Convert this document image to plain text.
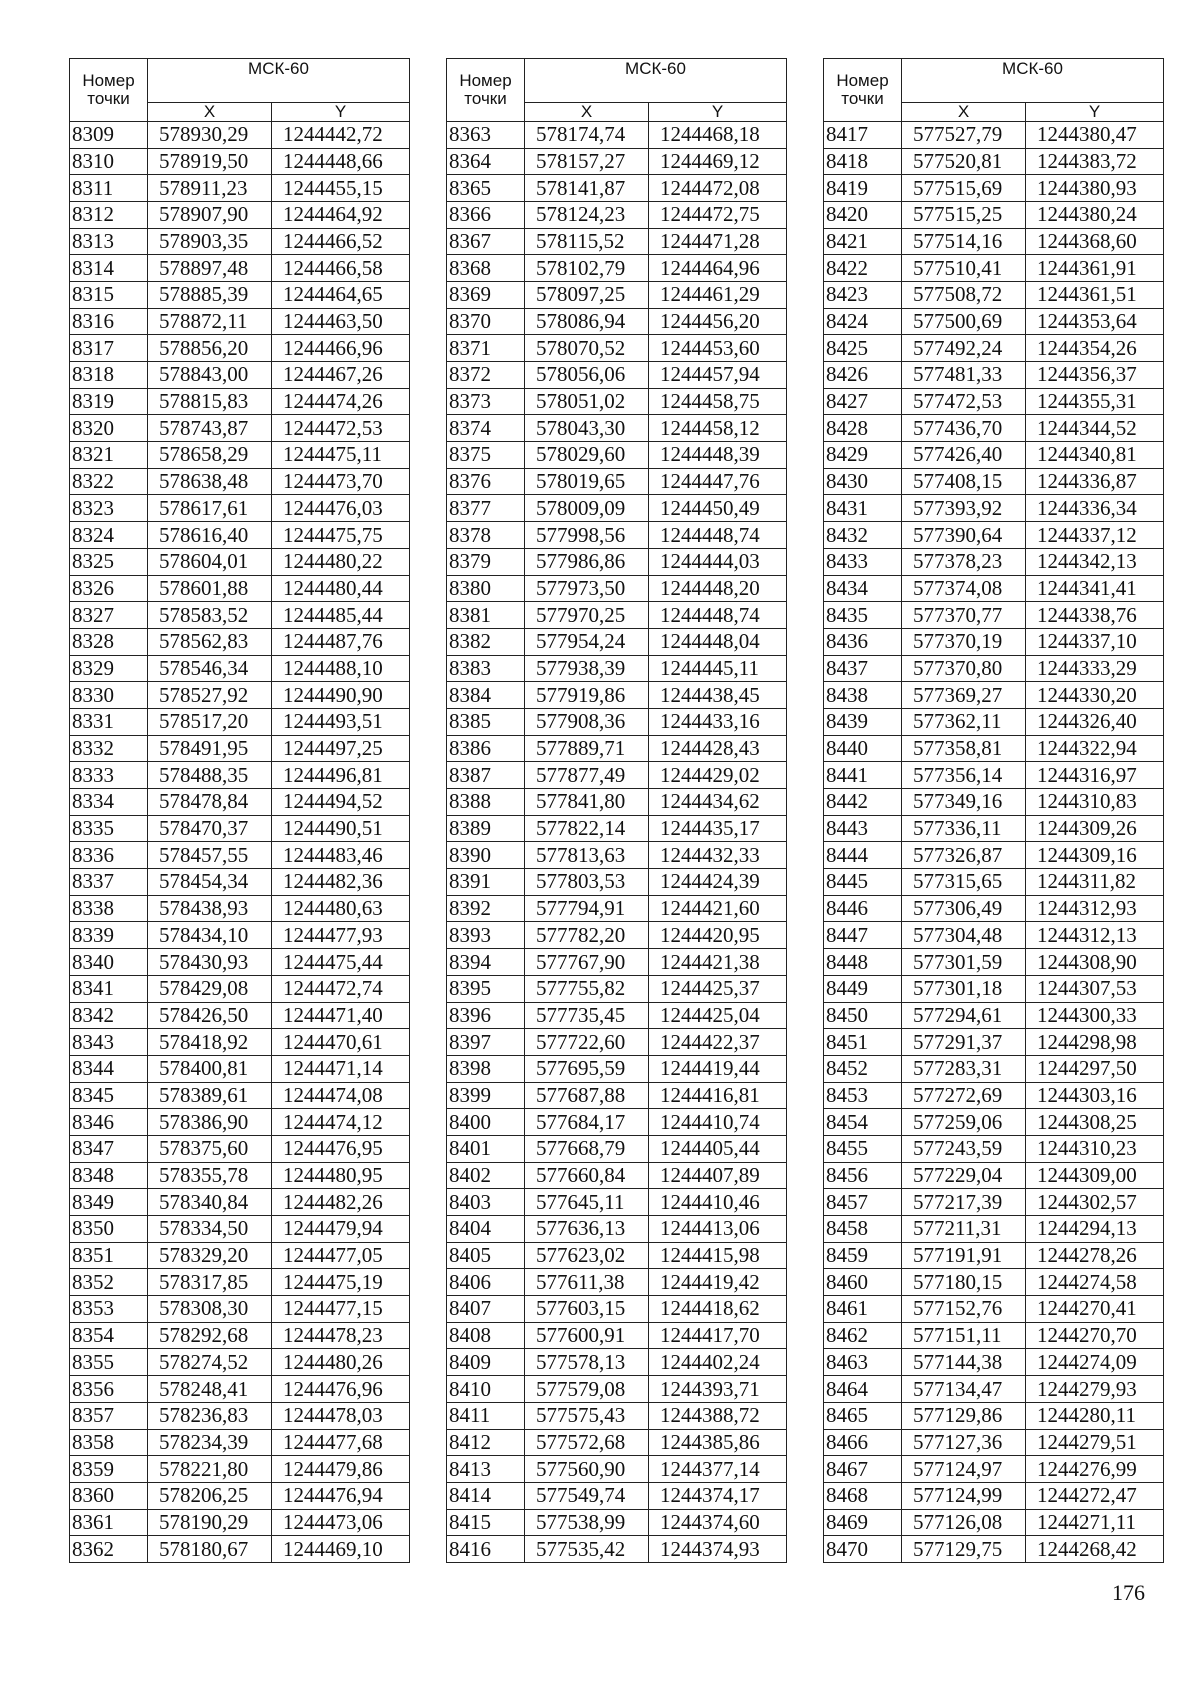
Номер точки	МСК-60	
	X	Y
8309	578930,29	1244442,72
8310	578919,50	1244448,66
8311	578911,23	1244455,15
8312	578907,90	1244464,92
8313	578903,35	1244466,52
8314	578897,48	1244466,58
8315	578885,39	1244464,65
8316	578872,11	1244463,50
8317	578856,20	1244466,96
8318	578843,00	1244467,26
8319	578815,83	1244474,26
8320	578743,87	1244472,53
8321	578658,29	1244475,11
8322	578638,48	1244473,70
8323	578617,61	1244476,03
8324	578616,40	1244475,75
8325	578604,01	1244480,22
8326	578601,88	1244480,44
8327	578583,52	1244485,44
8328	578562,83	1244487,76
8329	578546,34	1244488,10
8330	578527,92	1244490,90
8331	578517,20	1244493,51
8332	578491,95	1244497,25
8333	578488,35	1244496,81
8334	578478,84	1244494,52
8335	578470,37	1244490,51
8336	578457,55	1244483,46
8337	578454,34	1244482,36
8338	578438,93	1244480,63
8339	578434,10	1244477,93
8340	578430,93	1244475,44
8341	578429,08	1244472,74
8342	578426,50	1244471,40
8343	578418,92	1244470,61
8344	578400,81	1244471,14
8345	578389,61	1244474,08
8346	578386,90	1244474,12
8347	578375,60	1244476,95
8348	578355,78	1244480,95
8349	578340,84	1244482,26
8350	578334,50	1244479,94
8351	578329,20	1244477,05
8352	578317,85	1244475,19
8353	578308,30	1244477,15
8354	578292,68	1244478,23
8355	578274,52	1244480,26
8356	578248,41	1244476,96
8357	578236,83	1244478,03
8358	578234,39	1244477,68
8359	578221,80	1244479,86
8360	578206,25	1244476,94
8361	578190,29	1244473,06
8362	578180,67	1244469,10
Номер точки	МСК-60	
	X	Y
8363	578174,74	1244468,18
8364	578157,27	1244469,12
8365	578141,87	1244472,08
8366	578124,23	1244472,75
8367	578115,52	1244471,28
8368	578102,79	1244464,96
8369	578097,25	1244461,29
8370	578086,94	1244456,20
8371	578070,52	1244453,60
8372	578056,06	1244457,94
8373	578051,02	1244458,75
8374	578043,30	1244458,12
8375	578029,60	1244448,39
8376	578019,65	1244447,76
8377	578009,09	1244450,49
8378	577998,56	1244448,74
8379	577986,86	1244444,03
8380	577973,50	1244448,20
8381	577970,25	1244448,74
8382	577954,24	1244448,04
8383	577938,39	1244445,11
8384	577919,86	1244438,45
8385	577908,36	1244433,16
8386	577889,71	1244428,43
8387	577877,49	1244429,02
8388	577841,80	1244434,62
8389	577822,14	1244435,17
8390	577813,63	1244432,33
8391	577803,53	1244424,39
8392	577794,91	1244421,60
8393	577782,20	1244420,95
8394	577767,90	1244421,38
8395	577755,82	1244425,37
8396	577735,45	1244425,04
8397	577722,60	1244422,37
8398	577695,59	1244419,44
8399	577687,88	1244416,81
8400	577684,17	1244410,74
8401	577668,79	1244405,44
8402	577660,84	1244407,89
8403	577645,11	1244410,46
8404	577636,13	1244413,06
8405	577623,02	1244415,98
8406	577611,38	1244419,42
8407	577603,15	1244418,62
8408	577600,91	1244417,70
8409	577578,13	1244402,24
8410	577579,08	1244393,71
8411	577575,43	1244388,72
8412	577572,68	1244385,86
8413	577560,90	1244377,14
8414	577549,74	1244374,17
8415	577538,99	1244374,60
8416	577535,42	1244374,93
Номер точки	МСК-60	
	X	Y
8417	577527,79	1244380,47
8418	577520,81	1244383,72
8419	577515,69	1244380,93
8420	577515,25	1244380,24
8421	577514,16	1244368,60
8422	577510,41	1244361,91
8423	577508,72	1244361,51
8424	577500,69	1244353,64
8425	577492,24	1244354,26
8426	577481,33	1244356,37
8427	577472,53	1244355,31
8428	577436,70	1244344,52
8429	577426,40	1244340,81
8430	577408,15	1244336,87
8431	577393,92	1244336,34
8432	577390,64	1244337,12
8433	577378,23	1244342,13
8434	577374,08	1244341,41
8435	577370,77	1244338,76
8436	577370,19	1244337,10
8437	577370,80	1244333,29
8438	577369,27	1244330,20
8439	577362,11	1244326,40
8440	577358,81	1244322,94
8441	577356,14	1244316,97
8442	577349,16	1244310,83
8443	577336,11	1244309,26
8444	577326,87	1244309,16
8445	577315,65	1244311,82
8446	577306,49	1244312,93
8447	577304,48	1244312,13
8448	577301,59	1244308,90
8449	577301,18	1244307,53
8450	577294,61	1244300,33
8451	577291,37	1244298,98
8452	577283,31	1244297,50
8453	577272,69	1244303,16
8454	577259,06	1244308,25
8455	577243,59	1244310,23
8456	577229,04	1244309,00
8457	577217,39	1244302,57
8458	577211,31	1244294,13
8459	577191,91	1244278,26
8460	577180,15	1244274,58
8461	577152,76	1244270,41
8462	577151,11	1244270,70
8463	577144,38	1244274,09
8464	577134,47	1244279,93
8465	577129,86	1244280,11
8466	577127,36	1244279,51
8467	577124,97	1244276,99
8468	577124,99	1244272,47
8469	577126,08	1244271,11
8470	577129,75	1244268,42
176
